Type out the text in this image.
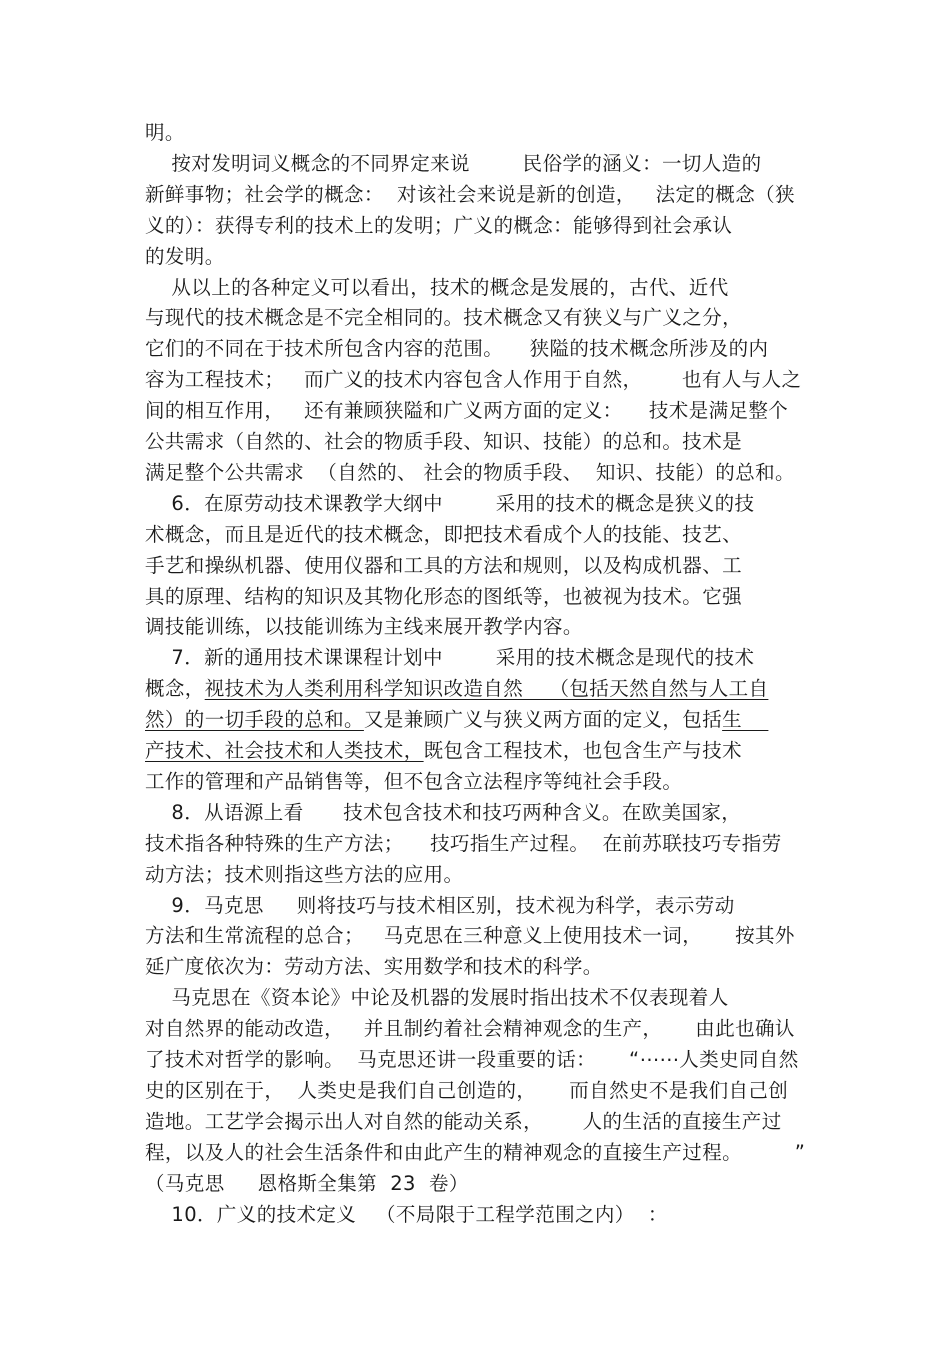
明。
按对发明词义概念的不同界定来说        民俗学的涵义：一切人造的
新鲜事物；社会学的概念：  对该社会来说是新的创造，   法定的概念（狭
义的）：获得专利的技术上的发明；广义的概念：能够得到社会承认
的发明。
从以上的各种定义可以看出，技术的概念是发展的，古代、近代
与现代的技术概念是不完全相同的。技术概念又有狭义与广义之分，
它们的不同在于技术所包含内容的范围。    狭隘的技术概念所涉及的内
容为工程技术；   而广义的技术内容包含人作用于自然，      也有人与人之
间的相互作用，   还有兼顾狭隘和广义两方面的定义：    技术是满足整个
公共需求（自然的、社会的物质手段、知识、技能）的总和。技术是
满足整个公共需求  （自然的、 社会的物质手段、  知识、技能）的总和。
6．在原劳动技术课教学大纲中        采用的技术的概念是狭义的技
术概念，而且是近代的技术概念，即把技术看成个人的技能、技艺、
手艺和操纵机器、使用仪器和工具的方法和规则，以及构成机器、工
具的原理、结构的知识及其物化形态的图纸等，也被视为技术。它强
调技能训练，以技能训练为主线来展开教学内容。
7．新的通用技术课课程计划中        采用的技术概念是现代的技术
概念，视技术为人类利用科学知识改造自然    （包括天然自然与人工自
然）的一切手段的总和。又是兼顾广义与狭义两方面的定义，包括生
产技术、社会技术和人类技术，既包含工程技术，也包含生产与技术
工作的管理和产品销售等，但不包含立法程序等纯社会手段。
8．从语源上看      技术包含技术和技巧两种含义。在欧美国家，
技术指各种特殊的生产方法；    技巧指生产过程。  在前苏联技巧专指劳
动方法；技术则指这些方法的应用。
9．马克思     则将技巧与技术相区别，技术视为科学，表示劳动
方法和生常流程的总合；   马克思在三种意义上使用技术一词，     按其外
延广度依次为：劳动方法、实用数学和技术的科学。
马克思在《资本论》中论及机器的发展时指出技术不仅表现着人
对自然界的能动改造，   并且制约着社会精神观念的生产，     由此也确认
了技术对哲学的影响。  马克思还讲一段重要的话：     “⋯⋯人类史同自然
史的区别在于，  人类史是我们自己创造的，     而自然史不是我们自己创
造地。工艺学会揭示出人对自然的能动关系，      人的生活的直接生产过
程，以及人的社会生活条件和由此产生的精神观念的直接生产过程。        ”
（马克思     恩格斯全集第  23  卷）
10．广义的技术定义   （不局限于工程学范围之内）  ：
